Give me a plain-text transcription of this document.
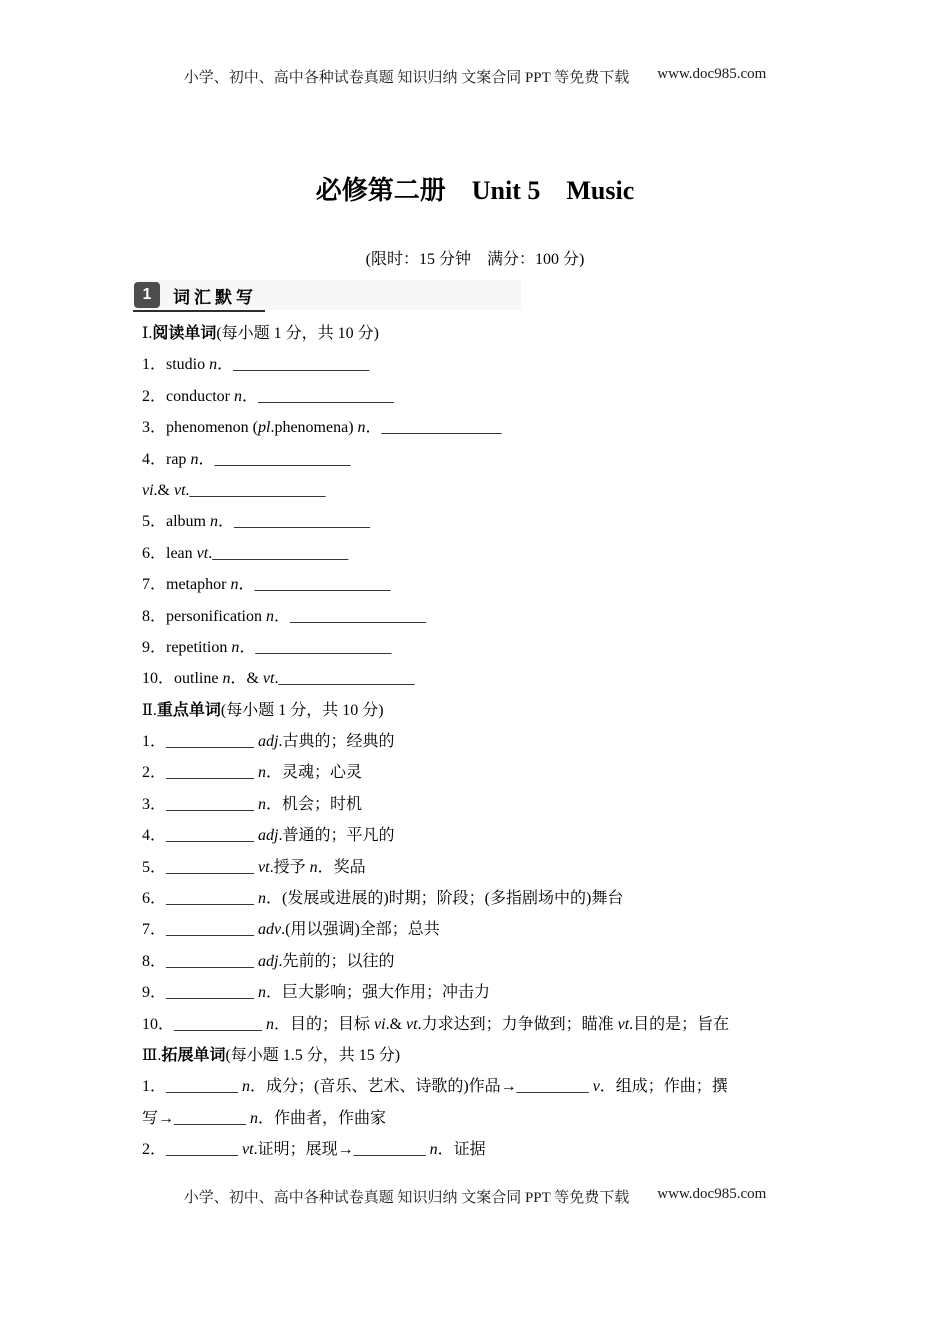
小学、初中、高中各种试卷真题 知识归纳 文案合同 PPT 等免费下载 www.doc985.com
必修第二册　 Unit 5　Music
(限时：15 分钟　满分：100 分)
1	词汇默写
Ⅰ.阅读单词(每小题 1 分，共 10 分)
1．studio n．_________________
2．conductor n．_________________
3．phenomenon (pl.phenomena) n．_______________
4．rap n．_________________
vi.& vt._________________
5．album n．_________________
6．lean vt._________________
7．metaphor n．_________________
8．personification n．_________________
9．repetition n．_________________
10．outline n．& vt._________________
Ⅱ.重点单词(每小题 1 分，共 10 分)
1．___________ adj.古典的；经典的
2．___________ n．灵魂；心灵
3．___________ n．机会；时机
4．___________ adj.普通的；平凡的
5．___________ vt.授予 n．奖品
6．___________ n．(发展或进展的)时期；阶段；(多指剧场中的)舞台
7．___________ adv.(用以强调)全部；总共
8．___________ adj.先前的；以往的
9．___________ n．巨大影响；强大作用；冲击力
10．___________ n．目的；目标 vi.& vt.力求达到；力争做到；瞄准 vt.目的是；旨在
Ⅲ.拓展单词(每小题 1.5 分，共 15 分)
1．_________ n．成分；(音乐、艺术、诗歌的)作品→_________ v．组成；作曲；撰
写→_________ n．作曲者，作曲家
2．_________ vt.证明；展现→_________ n．证据
小学、初中、高中各种试卷真题 知识归纳 文案合同 PPT 等免费下载 www.doc985.com
